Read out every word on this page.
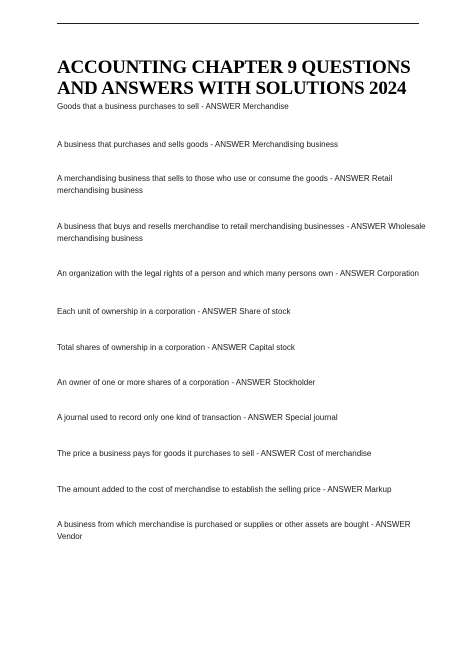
ACCOUNTING CHAPTER 9 QUESTIONS
AND ANSWERS WITH SOLUTIONS 2024

Goods that a business purchases to sell - ANSWER Merchandise

A business that purchases and sells goods - ANSWER Merchandising business

A merchandising business that sells to those who use or consume the goods - ANSWER Retail
merchandising business

A business that buys and resells merchandise to retail merchandising businesses - ANSWER Wholesale
merchandising business

An organization with the legal rights of a person and which many persons own - ANSWER Corporation

Each unit of ownership in a corporation - ANSWER Share of stock

Total shares of ownership in a corporation - ANSWER Capital stock

An owner of one or more shares of a corporation - ANSWER Stockholder

A journal used to record only one kind of transaction - ANSWER Special journal

The price a business pays for goods it purchases to sell - ANSWER Cost of merchandise

The amount added to the cost of merchandise to establish the selling price - ANSWER Markup

A business from which merchandise is purchased or supplies or other assets are bought - ANSWER
Vendor
